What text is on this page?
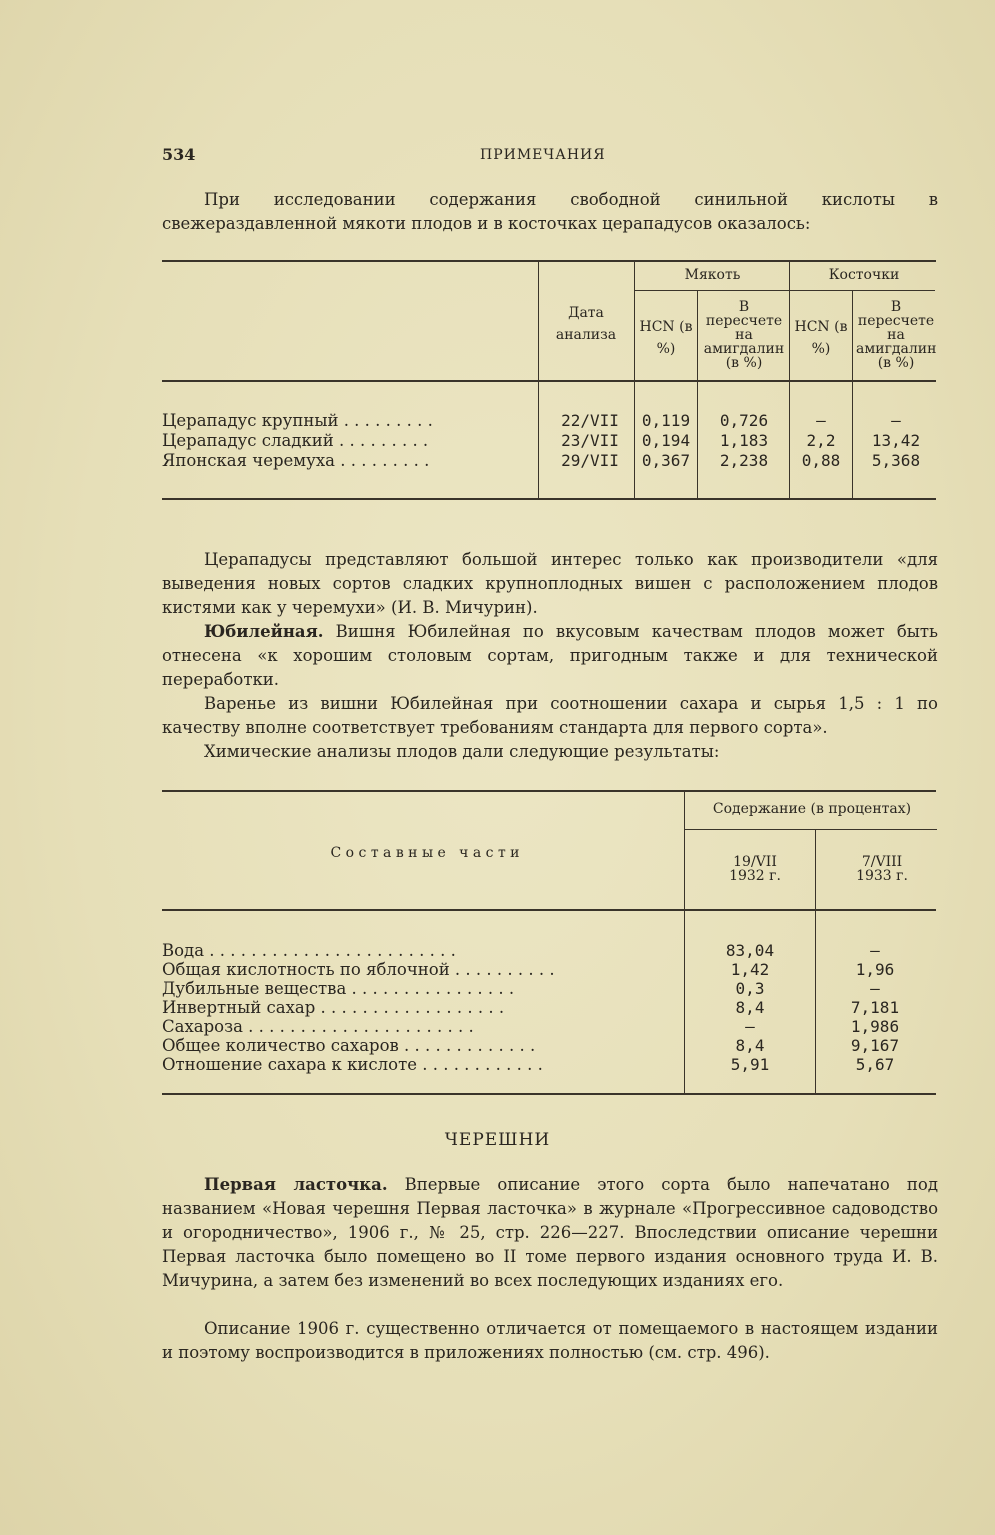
534	ПРИМЕЧАНИЯ
При исследовании содержания свободной синильной кислоты в свежераздавленной мякоти плодов и в косточках церападусов оказалось:
Дата анализа
Мякоть	Косточки
HCN (в %)
В пересчете на амигдалин (в %)
HCN (в %)
В пересчете на амигдалин (в %)
Церападус крупный . . . . . . . . .	22/VII	0,119	0,726	—	—
Церападус сладкий . . . . . . . . .	23/VII	0,194	1,183	2,2	13,42
Японская черемуха . . . . . . . . .	29/VII	0,367	2,238	0,88	5,368
Церападусы представляют большой интерес только как производители «для выведения новых сортов сладких крупноплодных вишен с расположением плодов кистями как у черемухи» (И. В. Мичурин).
Юбилейная. Вишня Юбилейная по вкусовым качествам плодов может быть отнесена «к хорошим столовым сортам, пригодным также и для технической переработки.
Варенье из вишни Юбилейная при соотношении сахара и сырья 1,5 : 1 по качеству вполне соответствует требованиям стандарта для первого сорта».
Химические анализы плодов дали следующие результаты:
С о с т а в н ы е   ч а с т и
Содержание (в процентах)
19/VII 1932 г.
7/VIII 1933 г.
Вода . . . . . . . . . . . . . . . . . . . . . . . .	83,04	—
Общая кислотность по яблочной . . . . . . . . . .	1,42	1,96
Дубильные вещества . . . . . . . . . . . . . . . .	0,3	—
Инвертный сахар . . . . . . . . . . . . . . . . . .	8,4	7,181
Сахароза . . . . . . . . . . . . . . . . . . . . . .	—	1,986
Общее количество сахаров . . . . . . . . . . . . .	8,4	9,167
Отношение сахара к кислоте . . . . . . . . . . . .	5,91	5,67
ЧЕРЕШНИ
Первая ласточка. Впервые описание этого сорта было напечатано под названием «Новая черешня Первая ласточка» в журнале «Прогрессивное садоводство и огородничество», 1906 г., № 25, стр. 226—227. Впоследствии описание черешни Первая ласточка было помещено во II томе первого издания основного труда И. В. Мичурина, а затем без изменений во всех последующих изданиях его.
Описание 1906 г. существенно отличается от помещаемого в настоящем издании и поэтому воспроизводится в приложениях полностью (см. стр. 496).
